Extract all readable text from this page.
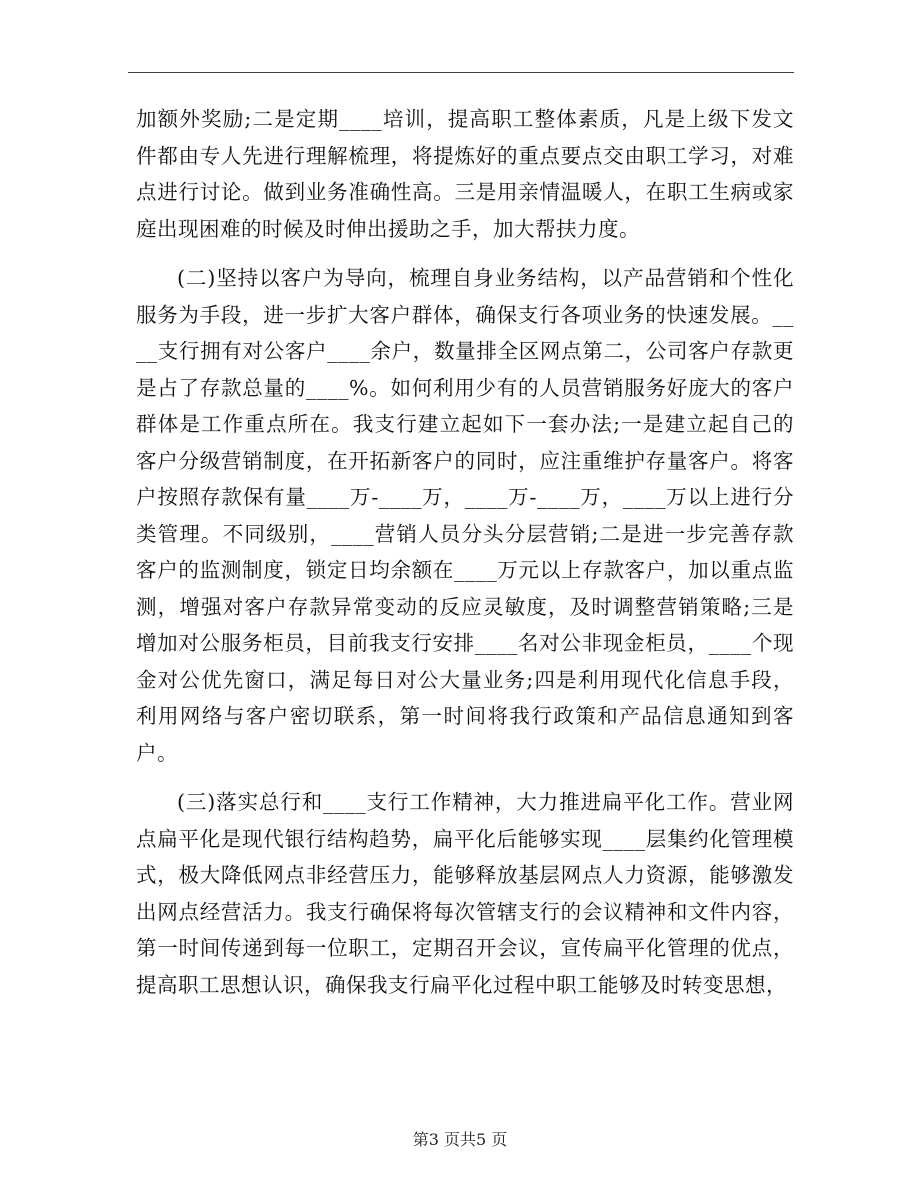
加额外奖励;二是定期____培训，提高职工整体素质，凡是上级下发文件都由专人先进行理解梳理，将提炼好的重点要点交由职工学习，对难点进行讨论。做到业务准确性高。三是用亲情温暖人，在职工生病或家庭出现困难的时候及时伸出援助之手，加大帮扶力度。

(二)坚持以客户为导向，梳理自身业务结构，以产品营销和个性化服务为手段，进一步扩大客户群体，确保支行各项业务的快速发展。____支行拥有对公客户____余户，数量排全区网点第二，公司客户存款更是占了存款总量的____%。如何利用少有的人员营销服务好庞大的客户群体是工作重点所在。我支行建立起如下一套办法;一是建立起自己的客户分级营销制度，在开拓新客户的同时，应注重维护存量客户。将客户按照存款保有量____万-____万，____万-____万，____万以上进行分类管理。不同级别，____营销人员分头分层营销;二是进一步完善存款客户的监测制度，锁定日均余额在____万元以上存款客户，加以重点监测，增强对客户存款异常变动的反应灵敏度，及时调整营销策略;三是增加对公服务柜员，目前我支行安排____名对公非现金柜员，____个现金对公优先窗口，满足每日对公大量业务;四是利用现代化信息手段，利用网络与客户密切联系，第一时间将我行政策和产品信息通知到客户。

(三)落实总行和____支行工作精神，大力推进扁平化工作。营业网点扁平化是现代银行结构趋势，扁平化后能够实现____层集约化管理模式，极大降低网点非经营压力，能够释放基层网点人力资源，能够激发出网点经营活力。我支行确保将每次管辖支行的会议精神和文件内容，第一时间传递到每一位职工，定期召开会议，宣传扁平化管理的优点，提高职工思想认识，确保我支行扁平化过程中职工能够及时转变思想，

第3 页共5 页
